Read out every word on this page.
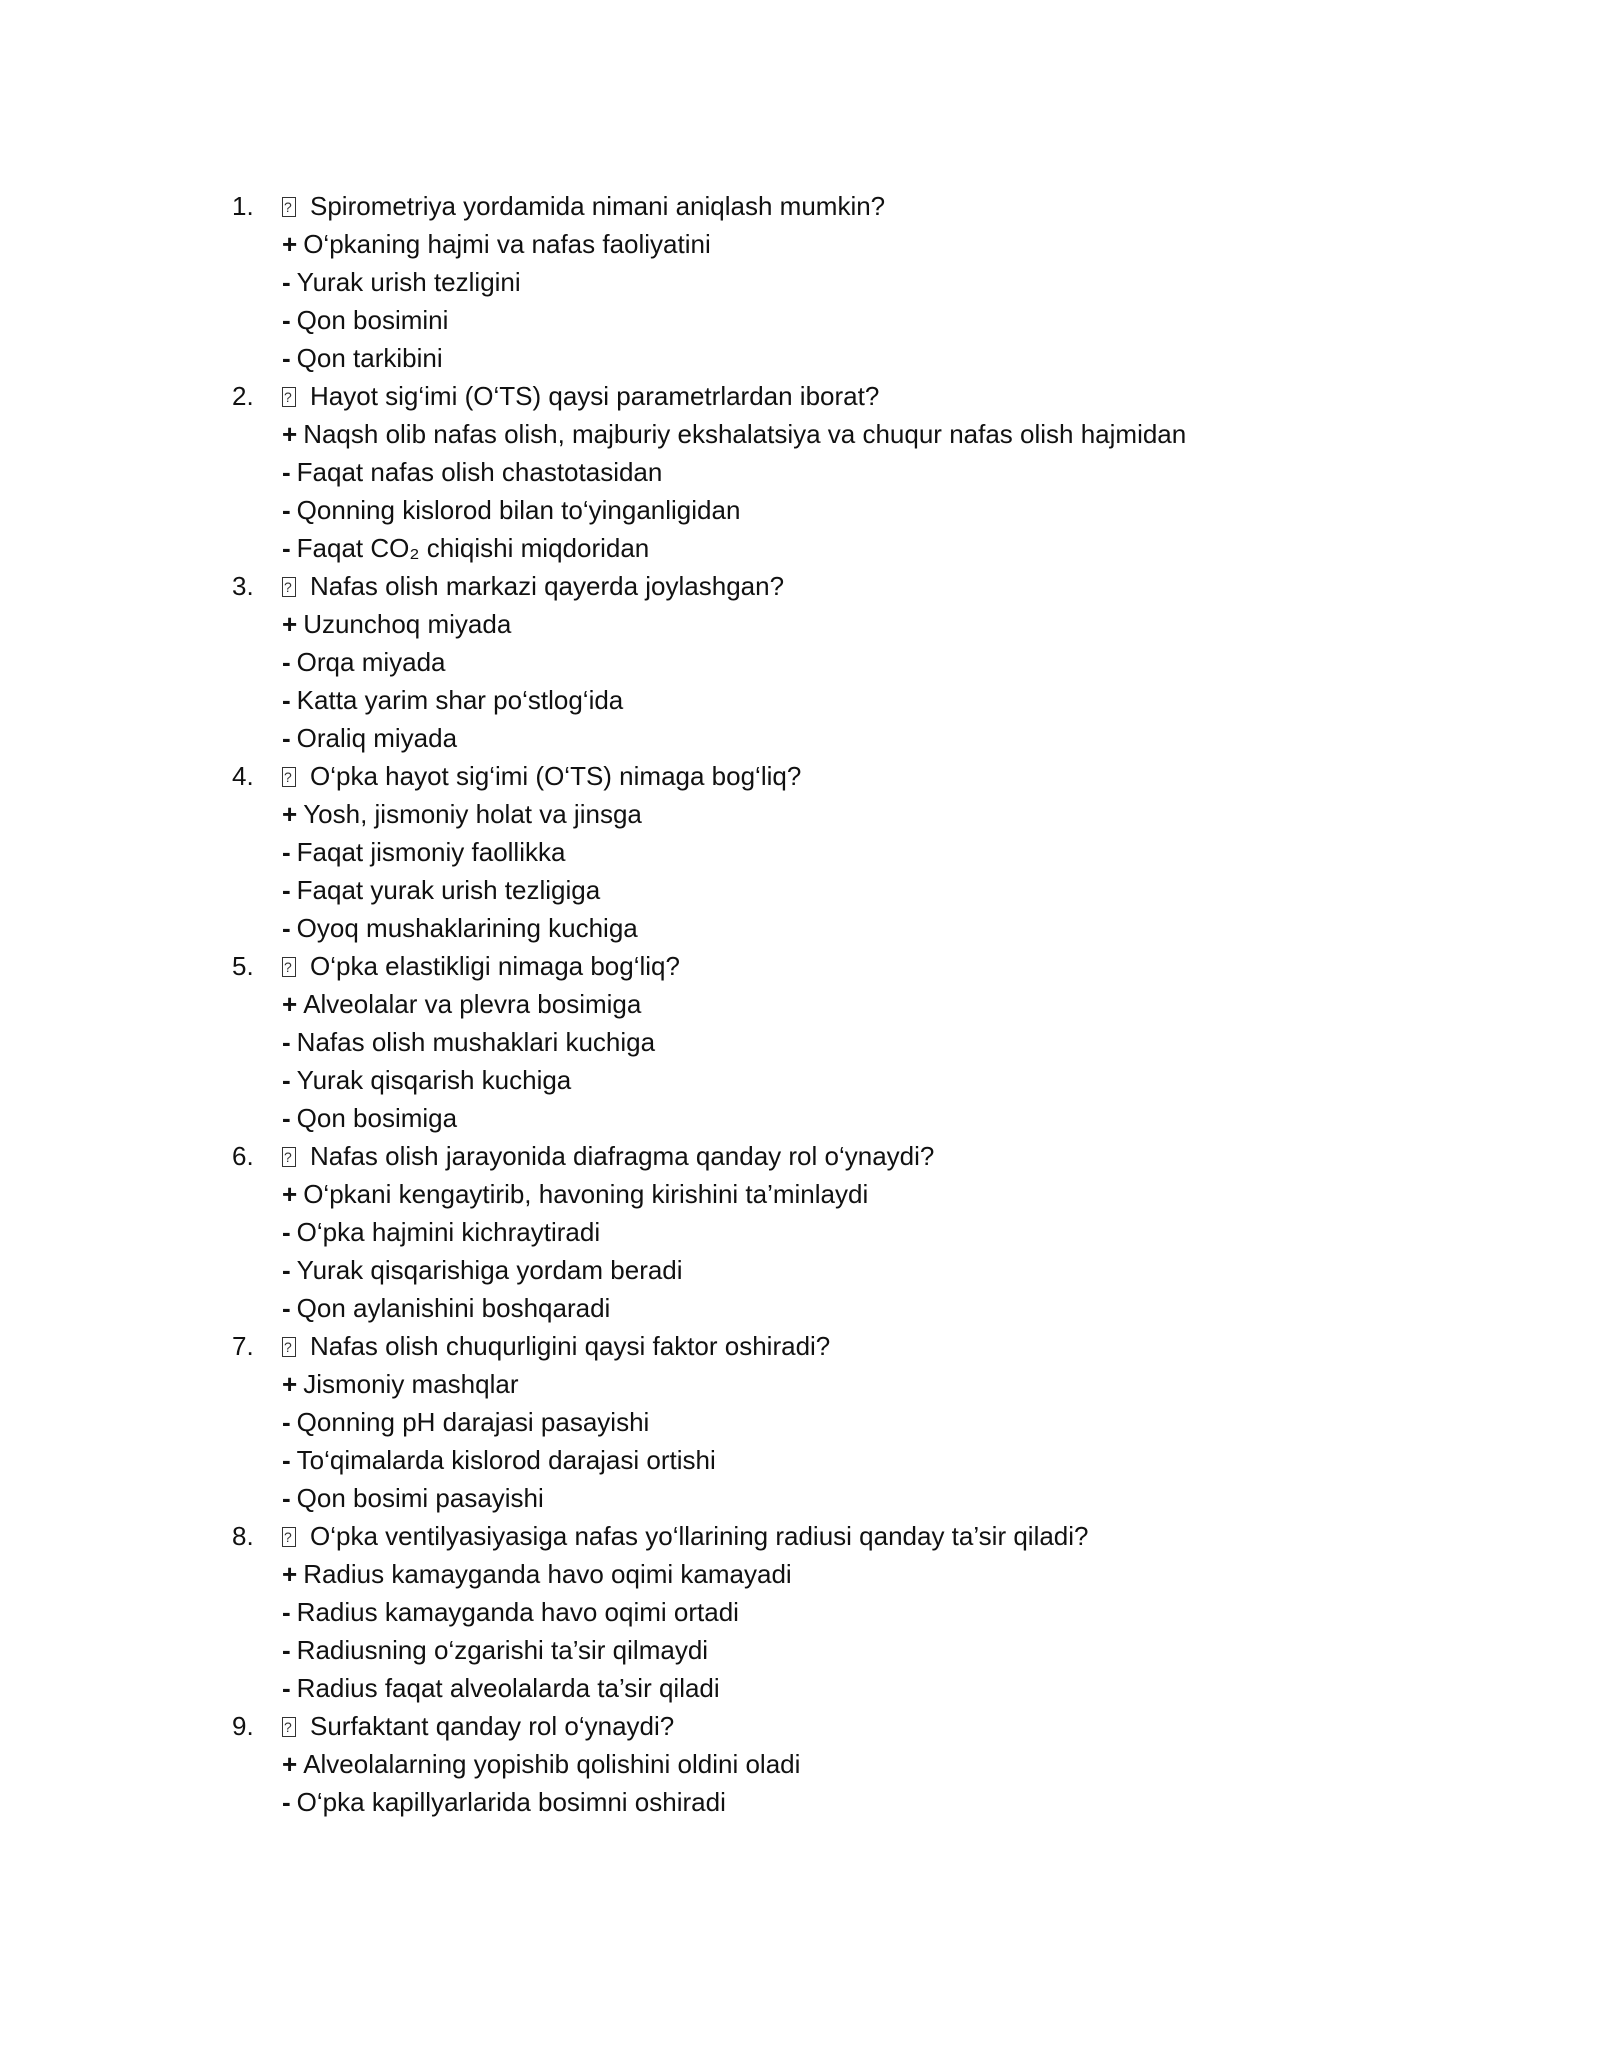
1. ? Spirometriya yordamida nimani aniqlash mumkin?
+ O‘pkaning hajmi va nafas faoliyatini
- Yurak urish tezligini
- Qon bosimini
- Qon tarkibini
2. ? Hayot sig‘imi (O‘TS) qaysi parametrlardan iborat?
+ Naqsh olib nafas olish, majburiy ekshalatsiya va chuqur nafas olish hajmidan
- Faqat nafas olish chastotasidan
- Qonning kislorod bilan to‘yinganligidan
- Faqat CO₂ chiqishi miqdoridan
3. ? Nafas olish markazi qayerda joylashgan?
+ Uzunchoq miyada
- Orqa miyada
- Katta yarim shar po‘stlog‘ida
- Oraliq miyada
4. ? O‘pka hayot sig‘imi (O‘TS) nimaga bog‘liq?
+ Yosh, jismoniy holat va jinsga
- Faqat jismoniy faollikka
- Faqat yurak urish tezligiga
- Oyoq mushaklarining kuchiga
5. ? O‘pka elastikligi nimaga bog‘liq?
+ Alveolalar va plevra bosimiga
- Nafas olish mushaklari kuchiga
- Yurak qisqarish kuchiga
- Qon bosimiga
6. ? Nafas olish jarayonida diafragma qanday rol o‘ynaydi?
+ O‘pkani kengaytirib, havoning kirishini ta’minlaydi
- O‘pka hajmini kichraytiradi
- Yurak qisqarishiga yordam beradi
- Qon aylanishini boshqaradi
7. ? Nafas olish chuqurligini qaysi faktor oshiradi?
+ Jismoniy mashqlar
- Qonning pH darajasi pasayishi
- To‘qimalarda kislorod darajasi ortishi
- Qon bosimi pasayishi
8. ? O‘pka ventilyasiyasiga nafas yo‘llarining radiusi qanday ta’sir qiladi?
+ Radius kamayganda havo oqimi kamayadi
- Radius kamayganda havo oqimi ortadi
- Radiusning o‘zgarishi ta’sir qilmaydi
- Radius faqat alveolalarda ta’sir qiladi
9. ? Surfaktant qanday rol o‘ynaydi?
+ Alveolalarning yopishib qolishini oldini oladi
- O‘pka kapillyarlarida bosimni oshiradi
